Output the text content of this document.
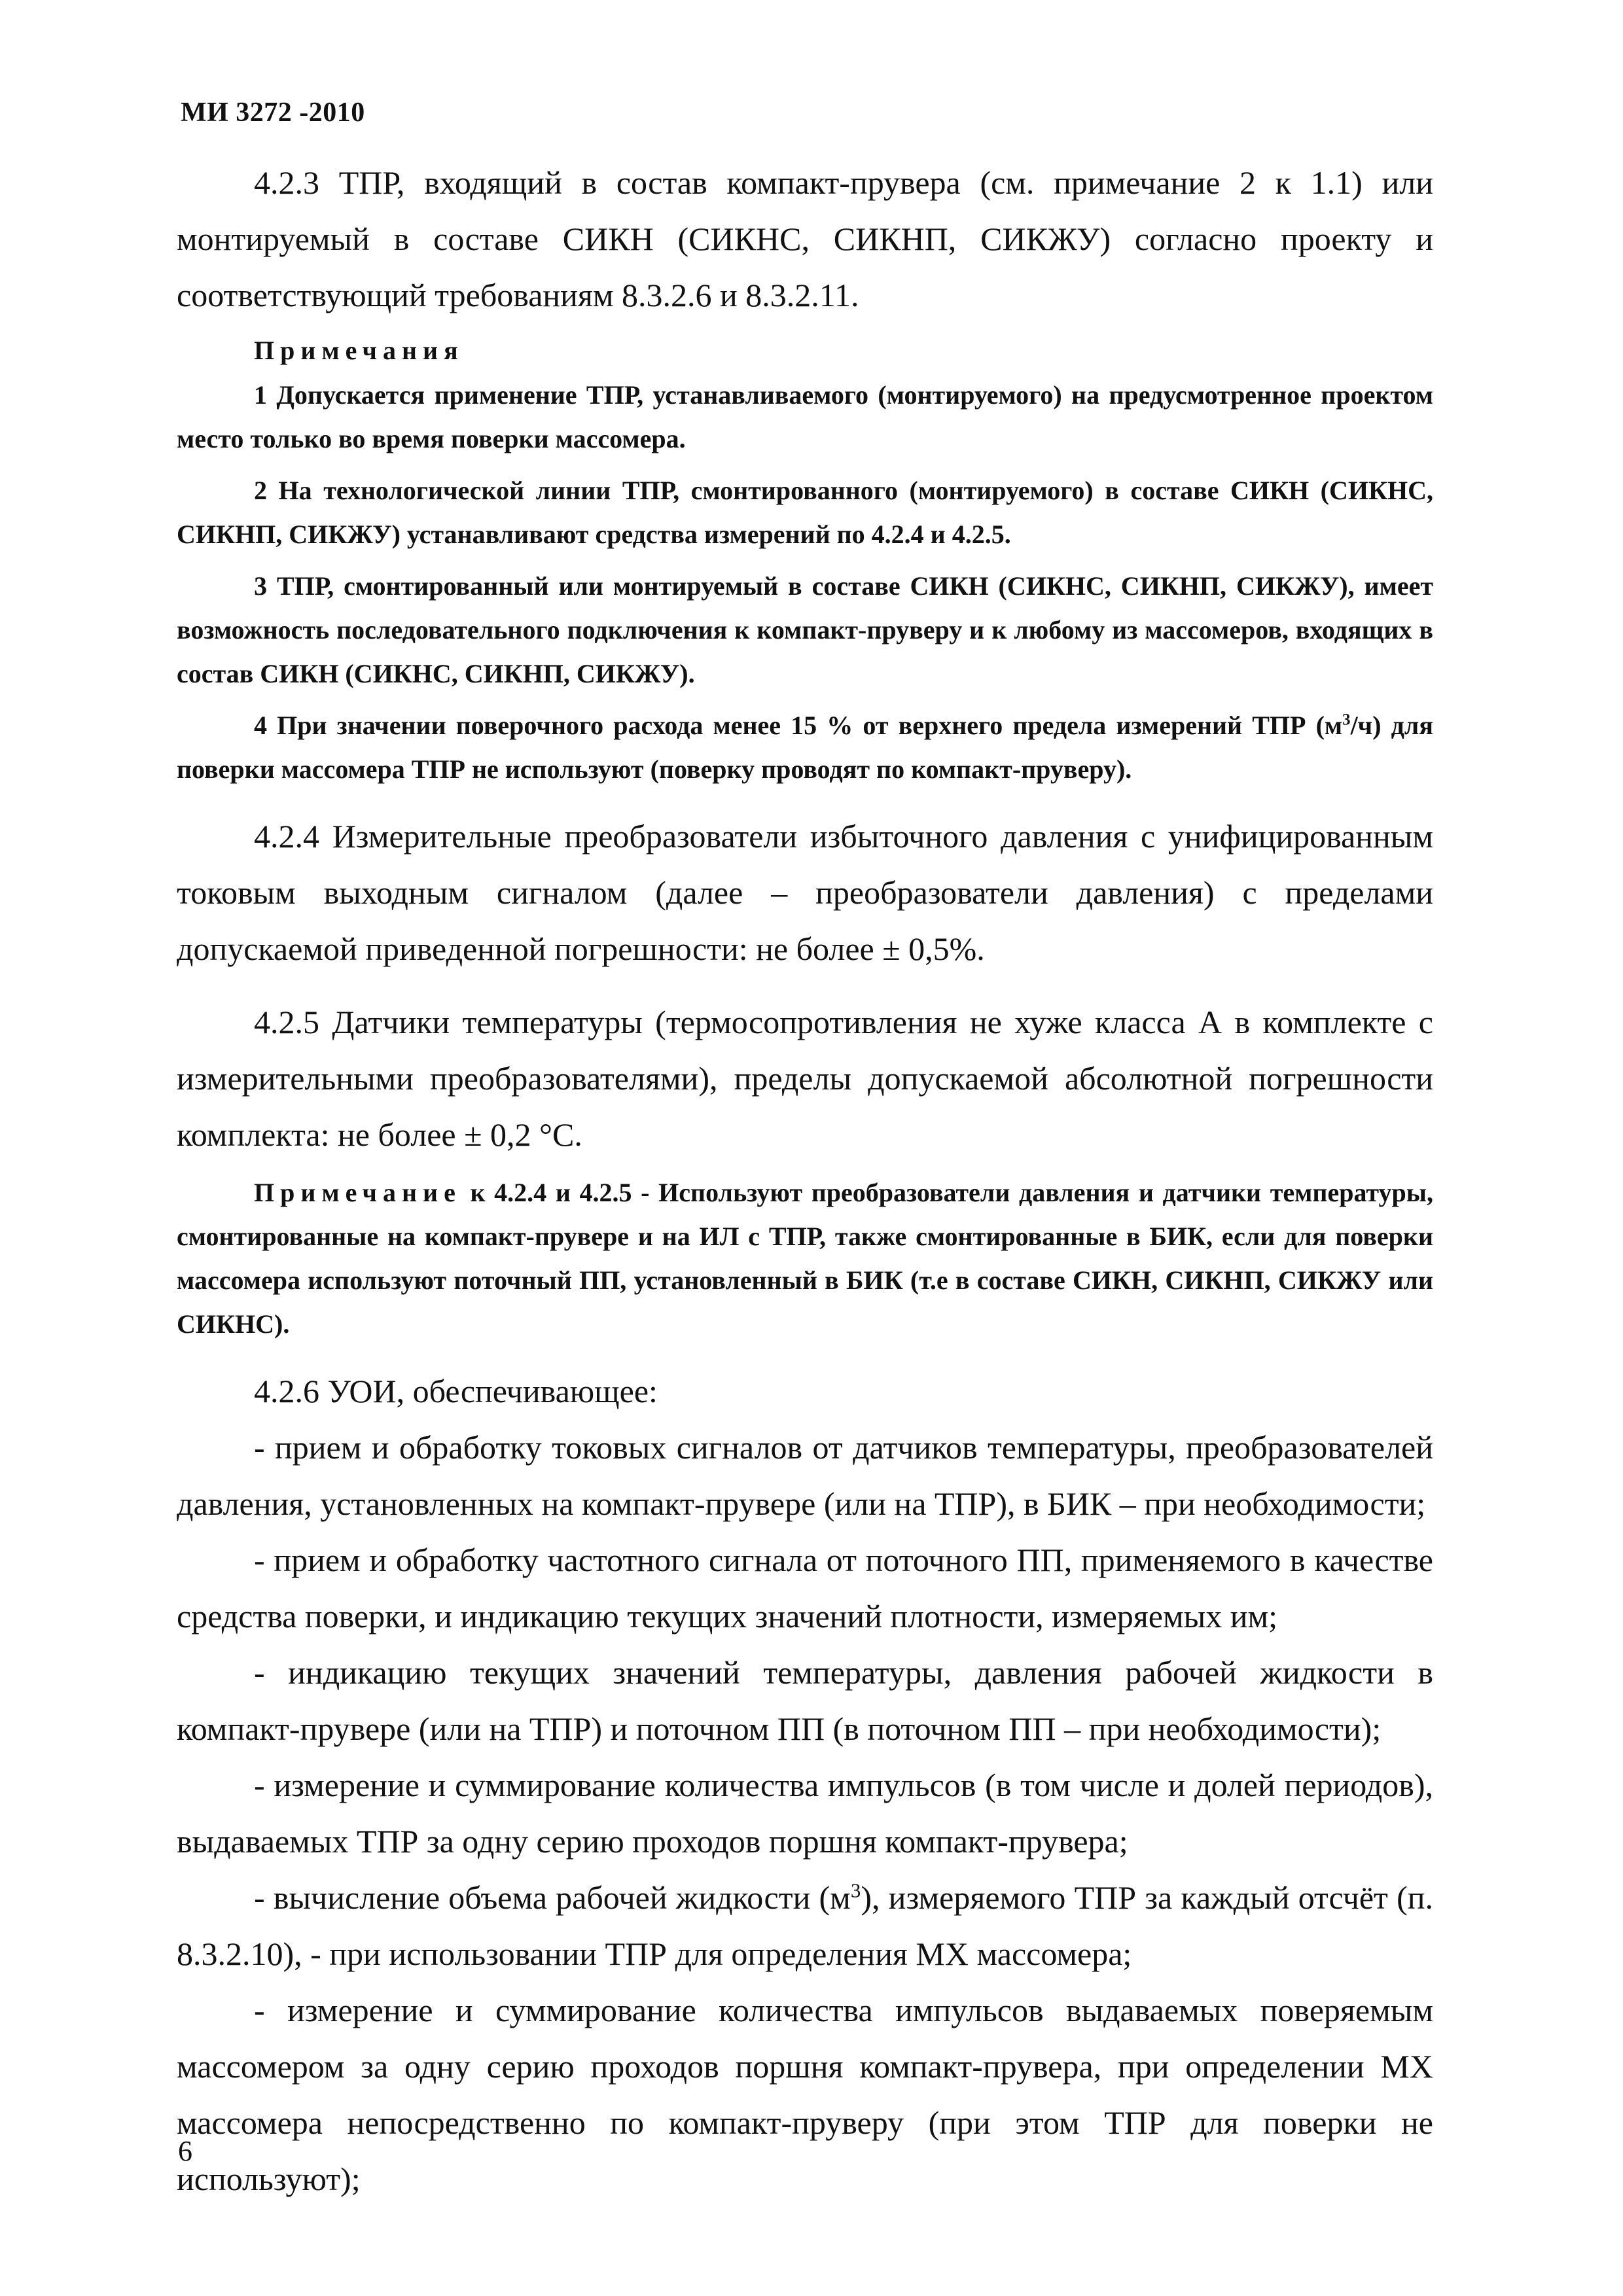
МИ 3272 -2010

4.2.3 ТПР, входящий в состав компакт-прувера (см. примечание 2 к 1.1) или монтируемый в составе СИКН (СИКНС, СИКНП, СИКЖУ) согласно проекту и соответствующий требованиям 8.3.2.6 и 8.3.2.11.

Примечания

1 Допускается применение ТПР, устанавливаемого (монтируемого) на предусмотренное проектом место только во время поверки массомера.

2 На технологической линии ТПР, смонтированного (монтируемого) в составе СИКН (СИКНС, СИКНП, СИКЖУ) устанавливают средства измерений по 4.2.4 и 4.2.5.

3 ТПР, смонтированный или монтируемый в составе СИКН (СИКНС, СИКНП, СИКЖУ), имеет возможность последовательного подключения к компакт-пруверу и к любому из массомеров, входящих в состав СИКН (СИКНС, СИКНП, СИКЖУ).

4 При значении поверочного расхода менее 15 % от верхнего предела измерений ТПР $(м^3/ч)$ для поверки массомера ТПР не используют (поверку проводят по компакт-пруверу).

4.2.4 Измерительные преобразователи избыточного давления с унифицированным токовым выходным сигналом (далее – преобразователи давления) с пределами допускаемой приведенной погрешности: не более ± 0,5%.

4.2.5 Датчики температуры (термосопротивления не хуже класса А в комплекте с измерительными преобразователями), пределы допускаемой абсолютной погрешности комплекта: не более ± 0,2 °С.

Примечание к 4.2.4 и 4.2.5 - Используют преобразователи давления и датчики температуры, смонтированные на компакт-прувере и на ИЛ с ТПР, также смонтированные в БИК, если для поверки массомера используют поточный ПП, установленный в БИК (т.е в составе СИКН, СИКНП, СИКЖУ или СИКНС).

4.2.6 УОИ, обеспечивающее:

- прием и обработку токовых сигналов от датчиков температуры, преобразователей давления, установленных на компакт-прувере (или на ТПР), в БИК – при необходимости;

- прием и обработку частотного сигнала от поточного ПП, применяемого в качестве средства поверки, и индикацию текущих значений плотности, измеряемых им;

- индикацию текущих значений температуры, давления рабочей жидкости в компакт-прувере (или на ТПР) и поточном ПП (в поточном ПП – при необходимости);

- измерение и суммирование количества импульсов (в том числе и долей периодов), выдаваемых ТПР за одну серию проходов поршня компакт-прувера;

- вычисление объема рабочей жидкости $(м^3)$, измеряемого ТПР за каждый отсчёт (п. 8.3.2.10), - при использовании ТПР для определения МХ массомера;

- измерение и суммирование количества импульсов выдаваемых поверяемым массомером за одну серию проходов поршня компакт-прувера, при определении МХ массомера непосредственно по компакт-пруверу (при этом ТПР для поверки не используют);

6
